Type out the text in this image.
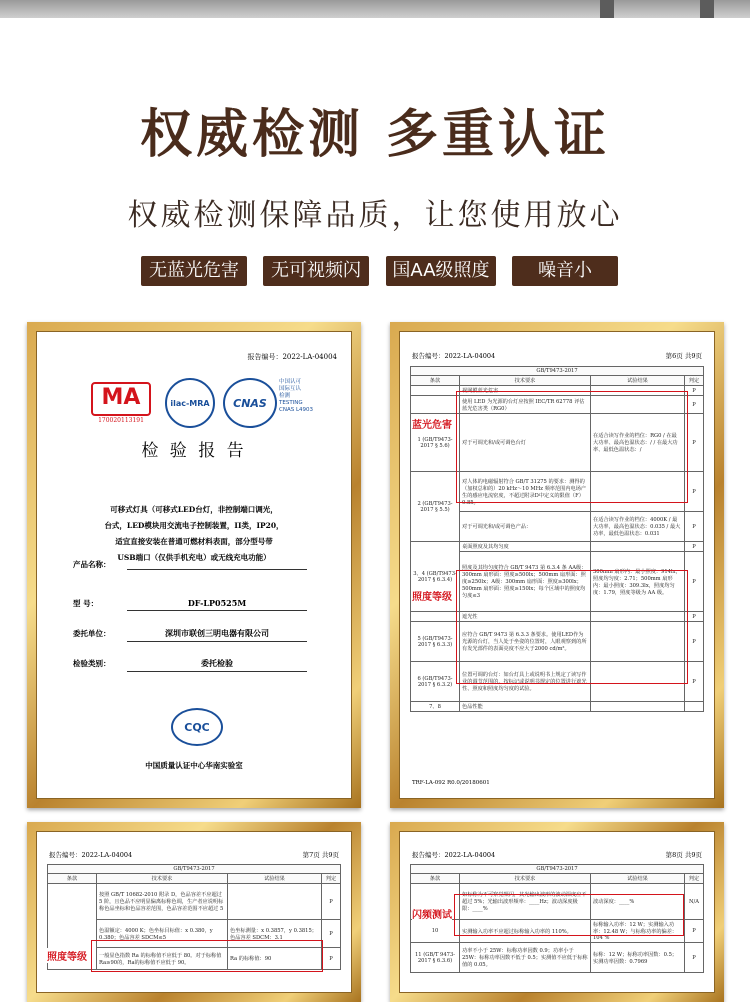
权威检测 多重认证
权威检测保障品质，让您使用放心
无蓝光危害	无可视频闪	国AA级照度	噪音小
报告编号：2022-LA-04004
MA
170020113191
ilac-MRA CNAS
中国认可
国际互认
检测
TESTING
CNAS L4903
检 验 报 告
可移式灯具（可移式LED台灯，非控制端口调光，
台式，LED模块用交流电子控制装置，II类，IP20，
适宜直接安装在普通可燃材料表面，部分型号带
USB端口（仅供手机充电）或无线充电功能）
产品名称：
型 号：	DF-LP0525M
委托单位：	深圳市联创三明电器有限公司
检验类别：	委托检验
CQC
中国质量认证中心华南实验室
报告编号：2022-LA-04004	第6页 共9页
GB/T9473-2017			
条款	技术要求	试验结果	判定
	视网膜蓝光危害		P
	使用 LED 为光源的台灯应按照 IEC/TR 62778 评估蓝光危害类（RG0）		P
1 (GB/T9473-2017 § 5.6)	对于可调光和/或可调色台灯	在适合读写作业的档位：RG0 / 在最大功率、最高色温状态：/ / 在最大功率、最低色温状态：/	P
2 (GB/T9473-2017 § 5.5)	对人体的电磁辐射符合 GB/T 31275 的要求：测得的（加权总和的）20 kHz～10 MHz 频率范围内电场产生的感应电流密度，不超过附录D中定义的限值（F）0.85。		P
	对于可调光和/或可调色产品：	在适合读写作业的档位：4000K / 最大功率，最高色温状态：0.035 / 最大功率，最低色温状态：0.031	P
3、4 (GB/T9473-2017 § 6.3.4)	桌面照度及其均匀度		P
	照度及其均匀度符合 GB/T 9473 第 6.3.4 条 AA级：300mm 扇形面：照度≥500lx；500mm 扇形面：照度≥250lx；A级：300mm 扇形面：照度≥300lx；500mm 扇形面：照度≥150lx；每个区域中的照度均匀度≤3	300mm 扇形内：最小照度：914lx，照度均匀度：2.71；500mm 扇形内：最小照度：309.3lx，照度均匀度：1.79，照度等级为 AA 级。	P
	遮光性		P
5 (GB/T9473-2017 § 6.3.3)	应符合 GB/T 9473 第 6.3.3 条要求。使用LED作为光源的台灯，当人处于坐姿的位置时，人眼观察到的所有发光部件的表面亮度不应大于2000 cd/m²。		P
6 (GB/T9473-2017 § 6.3.2)	位置可调的台灯：如台灯具上或说明书上规定了读写作业的调节范围的，按标记或说明书规定的位置进行遮光性、照度和照度均匀度的试验。		P
7、8	色品性能		
蓝光危害
照度等级
TRF-LA-092 R0.0/20180601
报告编号：2022-LA-04004	第7页 共9页
GB/T9473-2017			
条款	技术要求	试验结果	判定
	按照 GB/T 10682-2010 附录 D，色品容差不应超过 5 阶，且色品不应明显偏离标称色调，生产者应说明标称色品坐标和色品容差范围，色品容差范围不应超过 5		P
	色温额定：4000 K；色坐标目标值：x 0.380，y 0.380；色品容差 SDCM≤5	色坐标测量：x 0.3857，y 0.3815；色品容差 SDCM：3.1	P
	一般显色指数 Ra 的标称值不应低于 80。对于标称值Ra≥90的，Ra的标称值不应低于 90。	Ra 的标称值：90	P
照度等级
报告编号：2022-LA-04004	第8页 共9页
GB/T9473-2017			
条款	技术要求	试验结果	判定
	如标称为不可察觉频闪，其光输出波形的波动深度应不超过 5%；光输出波形频率：____Hz；波动深度极限：____%	波动深度：____%	N/A
10	实测输入功率不应超过标称输入功率的 110%。	标称输入功率：12 W；实测输入功率：12.48 W；与标称功率的偏差：104 %	P
11 (GB/T 9473-2017 § 6.3.6)	功率不小于 25W：标称功率因数 0.9；功率小于 25W：标称功率因数不低于 0.5；实测值不应低于标称值的 0.05。	标称：12 W；标称功率因数：0.5；实测功率因数：0.7969	P
闪频测试
